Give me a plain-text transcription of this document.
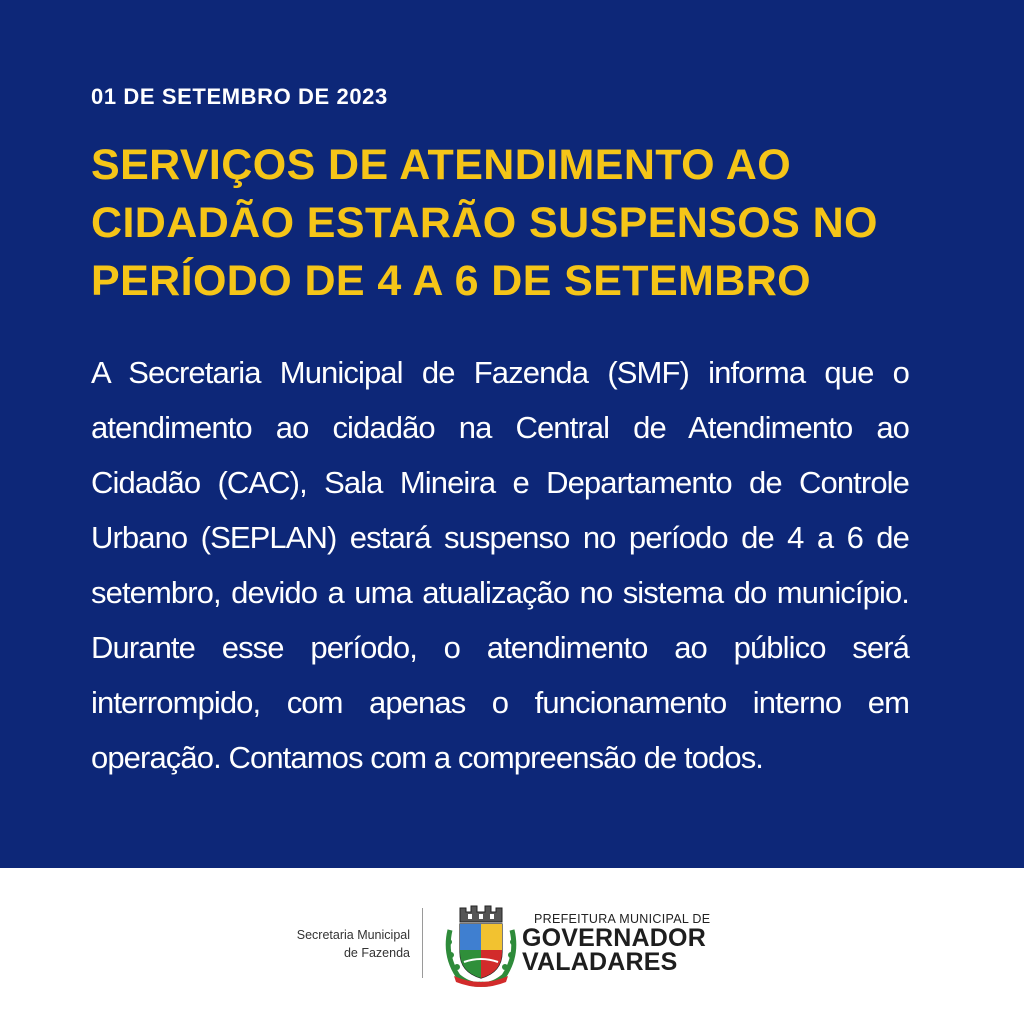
01 DE SETEMBRO DE 2023
SERVIÇOS DE ATENDIMENTO AO
CIDADÃO ESTARÃO SUSPENSOS NO
PERÍODO DE 4 A 6 DE SETEMBRO
A Secretaria Municipal de Fazenda (SMF) informa que o atendimento ao cidadão na Central de Atendimento ao Cidadão (CAC), Sala Mineira e Departamento de Controle Urbano (SEPLAN) estará suspenso no período de 4 a 6 de setembro, devido a uma atualização no sistema do município. Durante esse período, o atendimento ao público será interrompido, com apenas o funcionamento interno em operação. Contamos com a compreensão de todos.
Secretaria Municipal
de Fazenda
PREFEITURA MUNICIPAL DE
GOVERNADOR
VALADARES
